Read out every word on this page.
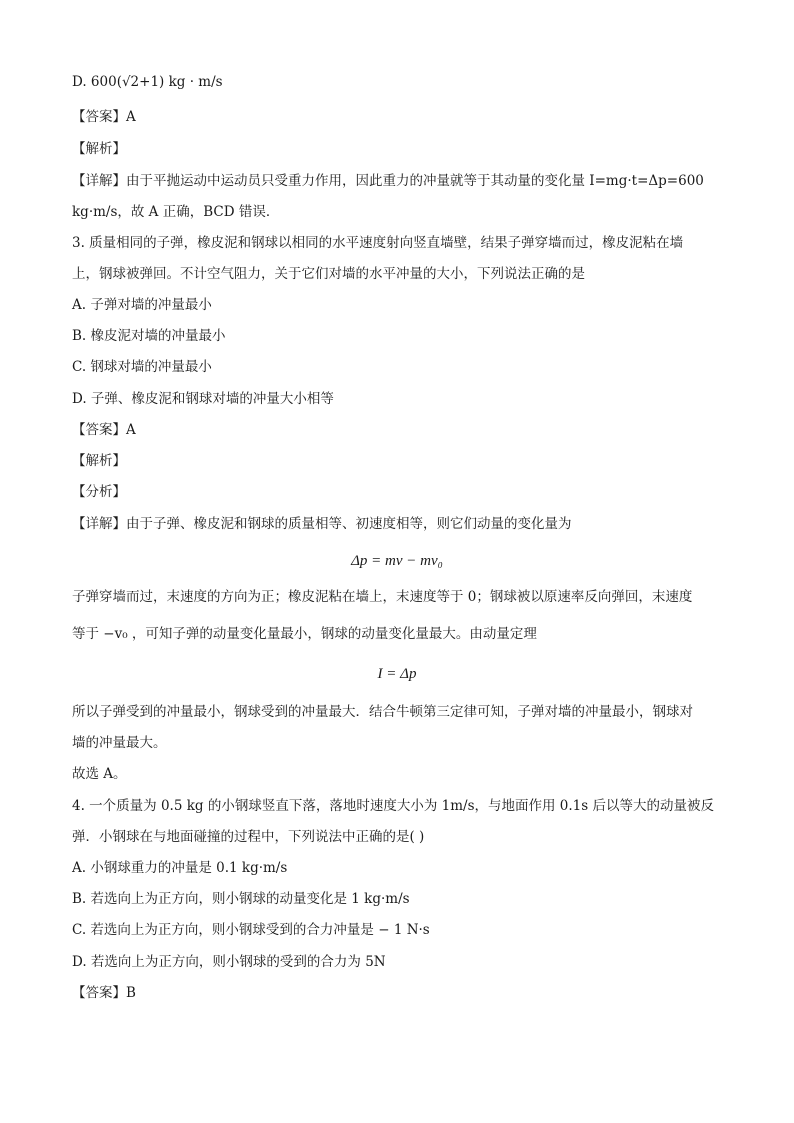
D. 600(√2+1) kg · m/s
【答案】A
【解析】
【详解】由于平抛运动中运动员只受重力作用，因此重力的冲量就等于其动量的变化量 I=mg·t=Δp=600
kg·m/s，故 A 正确，BCD 错误．
3. 质量相同的子弹，橡皮泥和钢球以相同的水平速度射向竖直墙壁，结果子弹穿墙而过，橡皮泥粘在墙
上，钢球被弹回。不计空气阻力，关于它们对墙的水平冲量的大小，下列说法正确的是
A. 子弹对墙的冲量最小
B. 橡皮泥对墙的冲量最小
C. 钢球对墙的冲量最小
D. 子弹、橡皮泥和钢球对墙的冲量大小相等
【答案】A
【解析】
【分析】
【详解】由于子弹、橡皮泥和钢球的质量相等、初速度相等，则它们动量的变化量为
Δp = mv − mv₀
子弹穿墙而过，末速度的方向为正；橡皮泥粘在墙上，末速度等于 0；钢球被以原速率反向弹回，末速度
等于 −v₀ ，可知子弹的动量变化量最小，钢球的动量变化量最大。由动量定理
I = Δp
所以子弹受到的冲量最小，钢球受到的冲量最大．结合牛顿第三定律可知，子弹对墙的冲量最小，钢球对
墙的冲量最大。
故选 A。
4. 一个质量为 0.5 kg 的小钢球竖直下落，落地时速度大小为 1m/s，与地面作用 0.1s 后以等大的动量被反
弹．小钢球在与地面碰撞的过程中，下列说法中正确的是( )
A. 小钢球重力的冲量是 0.1 kg·m/s
B. 若选向上为正方向，则小钢球的动量变化是 1 kg·m/s
C. 若选向上为正方向，则小钢球受到的合力冲量是 − 1 N·s
D. 若选向上为正方向，则小钢球的受到的合力为 5N
【答案】B
